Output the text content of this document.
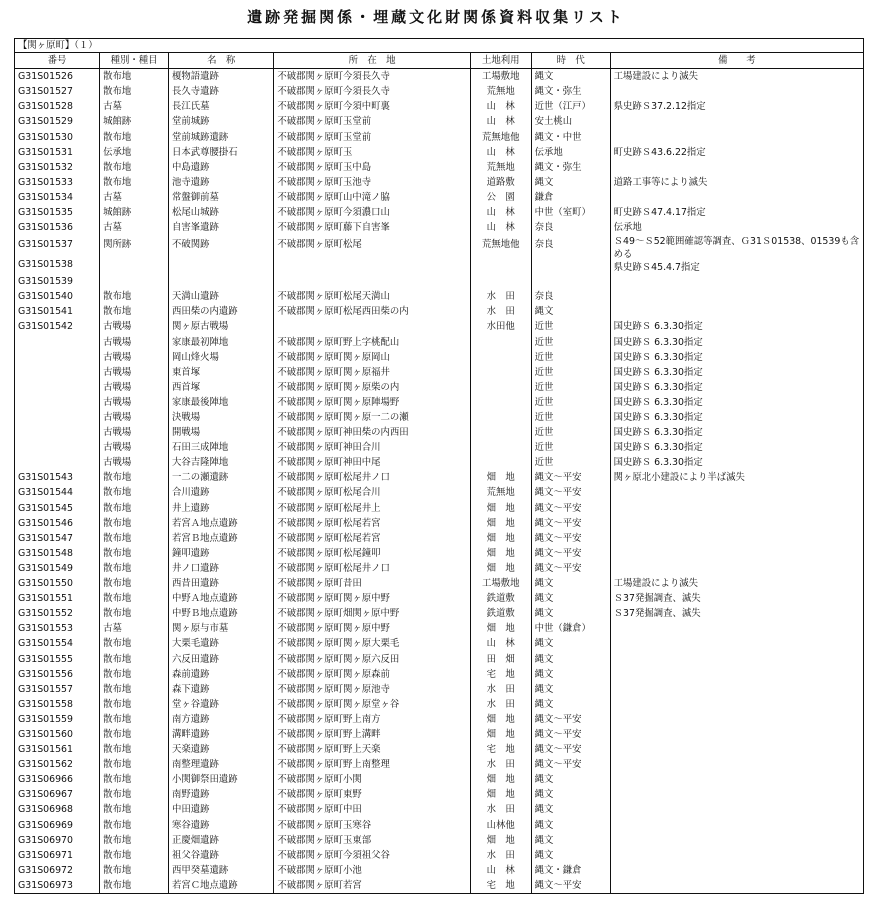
遺跡発掘関係・埋蔵文化財関係資料収集リスト
【関ヶ原町】（１）						
番号	種別・種目	名　称	所　在　地	土地利用	時　代	備　　考
G31S01526	散布地	榎物語遺跡	不破郡関ヶ原町今須長久寺	工場敷地	縄文	工場建設により滅失
G31S01527	散布地	長久寺遺跡	不破郡関ヶ原町今須長久寺	荒無地	縄文・弥生	
G31S01528	古墓	長江氏墓	不破郡関ヶ原町今須中町裏	山　林	近世（江戸）	県史跡Ｓ37.2.12指定
G31S01529	城館跡	堂前城跡	不破郡関ヶ原町玉堂前	山　林	安土桃山	
G31S01530	散布地	堂前城跡遺跡	不破郡関ヶ原町玉堂前	荒無地他	縄文・中世	
G31S01531	伝承地	日本武尊腰掛石	不破郡関ヶ原町玉	山　林	伝承地	町史跡Ｓ43.6.22指定
G31S01532	散布地	中島遺跡	不破郡関ヶ原町玉中島	荒無地	縄文・弥生	
G31S01533	散布地	池寺遺跡	不破郡関ヶ原町玉池寺	道路敷	縄文	道路工事等により滅失
G31S01534	古墓	常盤御前墓	不破郡関ヶ原町山中滝ノ脇	公　園	鎌倉	
G31S01535	城館跡	松尾山城跡	不破郡関ヶ原町今須濃口山	山　林	中世（室町）	町史跡Ｓ47.4.17指定
G31S01536	古墓	自害峯遺跡	不破郡関ヶ原町藤下自害峯	山　林	奈良	伝承地
G31S01537	関所跡	不破関跡	不破郡関ヶ原町松尾	荒無地他	奈良	Ｓ49～Ｓ52範囲確認等調査、Ｇ31Ｓ01538、01539も含める
県史跡Ｓ45.4.7指定

G31S01538						
G31S01539						
G31S01540	散布地	天満山遺跡	不破郡関ヶ原町松尾天満山	水　田	奈良	
G31S01541	散布地	西田柴の内遺跡	不破郡関ヶ原町松尾西田柴の内	水　田	縄文	
G31S01542	古戦場	関ヶ原古戦場		水田他	近世	国史跡Ｓ 6.3.30指定
	古戦場	家康最初陣地	不破郡関ヶ原町野上字桃配山		近世	国史跡Ｓ 6.3.30指定
	古戦場	岡山烽火場	不破郡関ヶ原町関ヶ原岡山		近世	国史跡Ｓ 6.3.30指定
	古戦場	東首塚	不破郡関ヶ原町関ヶ原福井		近世	国史跡Ｓ 6.3.30指定
	古戦場	西首塚	不破郡関ヶ原町関ヶ原柴の内		近世	国史跡Ｓ 6.3.30指定
	古戦場	家康最後陣地	不破郡関ヶ原町関ヶ原陣場野		近世	国史跡Ｓ 6.3.30指定
	古戦場	決戦場	不破郡関ヶ原町関ヶ原一二の瀬		近世	国史跡Ｓ 6.3.30指定
	古戦場	開戦場	不破郡関ヶ原町神田柴の内西田		近世	国史跡Ｓ 6.3.30指定
	古戦場	石田三成陣地	不破郡関ヶ原町神田合川		近世	国史跡Ｓ 6.3.30指定
	古戦場	大谷吉隆陣地	不破郡関ヶ原町神田中尾		近世	国史跡Ｓ 6.3.30指定
G31S01543	散布地	一二の瀬遺跡	不破郡関ヶ原町松尾井ノ口	畑　地	縄文～平安	関ヶ原北小建設により半ば滅失
G31S01544	散布地	合川遺跡	不破郡関ヶ原町松尾合川	荒無地	縄文～平安	
G31S01545	散布地	井上遺跡	不破郡関ヶ原町松尾井上	畑　地	縄文～平安	
G31S01546	散布地	若宮Ａ地点遺跡	不破郡関ヶ原町松尾若宮	畑　地	縄文～平安	
G31S01547	散布地	若宮Ｂ地点遺跡	不破郡関ヶ原町松尾若宮	畑　地	縄文～平安	
G31S01548	散布地	鐘叩遺跡	不破郡関ヶ原町松尾鐘叩	畑　地	縄文～平安	
G31S01549	散布地	井ノ口遺跡	不破郡関ヶ原町松尾井ノ口	畑　地	縄文～平安	
G31S01550	散布地	西昔田遺跡	不破郡関ヶ原町昔田	工場敷地	縄文	工場建設により滅失
G31S01551	散布地	中野Ａ地点遺跡	不破郡関ヶ原町関ヶ原中野	鉄道敷	縄文	Ｓ37発掘調査、滅失
G31S01552	散布地	中野Ｂ地点遺跡	不破郡関ヶ原町畑関ヶ原中野	鉄道敷	縄文	Ｓ37発掘調査、滅失
G31S01553	古墓	関ヶ原与市墓	不破郡関ヶ原町関ヶ原中野	畑　地	中世（鎌倉）	
G31S01554	散布地	大栗毛遺跡	不破郡関ヶ原町関ヶ原大栗毛	山　林	縄文	
G31S01555	散布地	六反田遺跡	不破郡関ヶ原町関ヶ原六反田	田　畑	縄文	
G31S01556	散布地	森前遺跡	不破郡関ヶ原町関ヶ原森前	宅　地	縄文	
G31S01557	散布地	森下遺跡	不破郡関ヶ原町関ヶ原池寺	水　田	縄文	
G31S01558	散布地	堂ヶ谷遺跡	不破郡関ヶ原町関ヶ原堂ヶ谷	水　田	縄文	
G31S01559	散布地	南方遺跡	不破郡関ヶ原町野上南方	畑　地	縄文～平安	
G31S01560	散布地	溝畔遺跡	不破郡関ヶ原町野上溝畔	畑　地	縄文～平安	
G31S01561	散布地	天楽遺跡	不破郡関ヶ原町野上天楽	宅　地	縄文～平安	
G31S01562	散布地	南整理遺跡	不破郡関ヶ原町野上南整理	水　田	縄文～平安	
G31S06966	散布地	小関御祭田遺跡	不破郡関ヶ原町小関	畑　地	縄文	
G31S06967	散布地	南野遺跡	不破郡関ヶ原町東野	畑　地	縄文	
G31S06968	散布地	中田遺跡	不破郡関ヶ原町中田	水　田	縄文	
G31S06969	散布地	寒谷遺跡	不破郡関ヶ原町玉寒谷	山林他	縄文	
G31S06970	散布地	正慶畑遺跡	不破郡関ヶ原町玉東部	畑　地	縄文	
G31S06971	散布地	祖父谷遺跡	不破郡関ヶ原町今須祖父谷	水　田	縄文	
G31S06972	散布地	西甲癸墓遺跡	不破郡関ヶ原町小池	山　林	縄文・鎌倉	
G31S06973	散布地	若宮Ｃ地点遺跡	不破郡関ヶ原町若宮	宅　地	縄文～平安	
